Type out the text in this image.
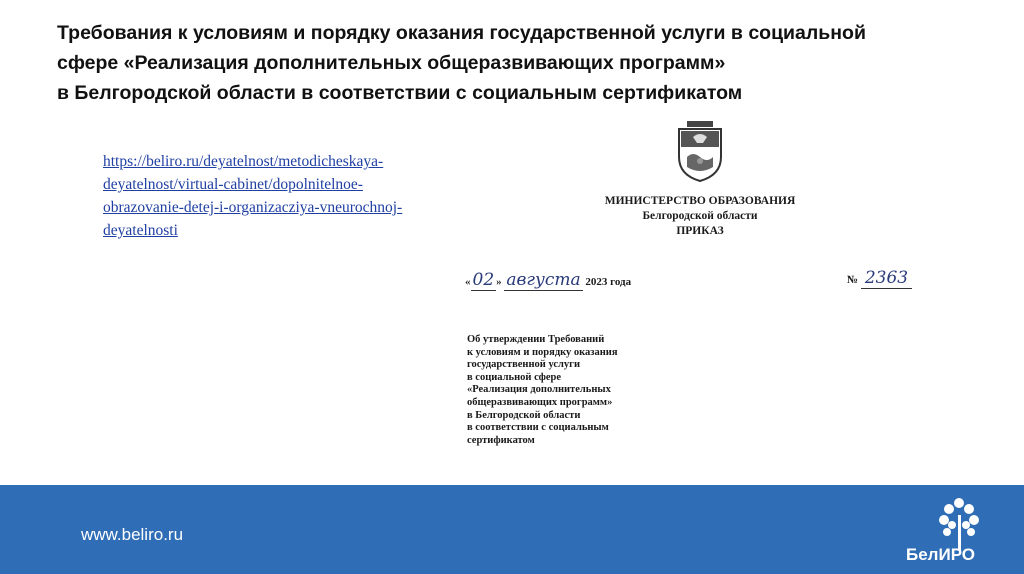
Требования к условиям и порядку оказания государственной услуги в социальной
сфере «Реализация дополнительных общеразвивающих программ»
в Белгородской области в соответствии с социальным сертификатом
https://beliro.ru/deyatelnost/metodicheskaya-
deyatelnost/virtual-cabinet/dopolnitelnoe-
obrazovanie-detej-i-organizacziya-vneurochnoj-
deyatelnosti
МИНИСТЕРСТВО ОБРАЗОВАНИЯ
Белгородской области
ПРИКАЗ
« 02 » августа 2023 года	№ 2363
Об утверждении Требований
к условиям и порядку оказания
государственной услуги
в социальной сфере
«Реализация дополнительных
общеразвивающих программ»
в Белгородской области
в соответствии с социальным
сертификатом
www.beliro.ru
БелИРО
